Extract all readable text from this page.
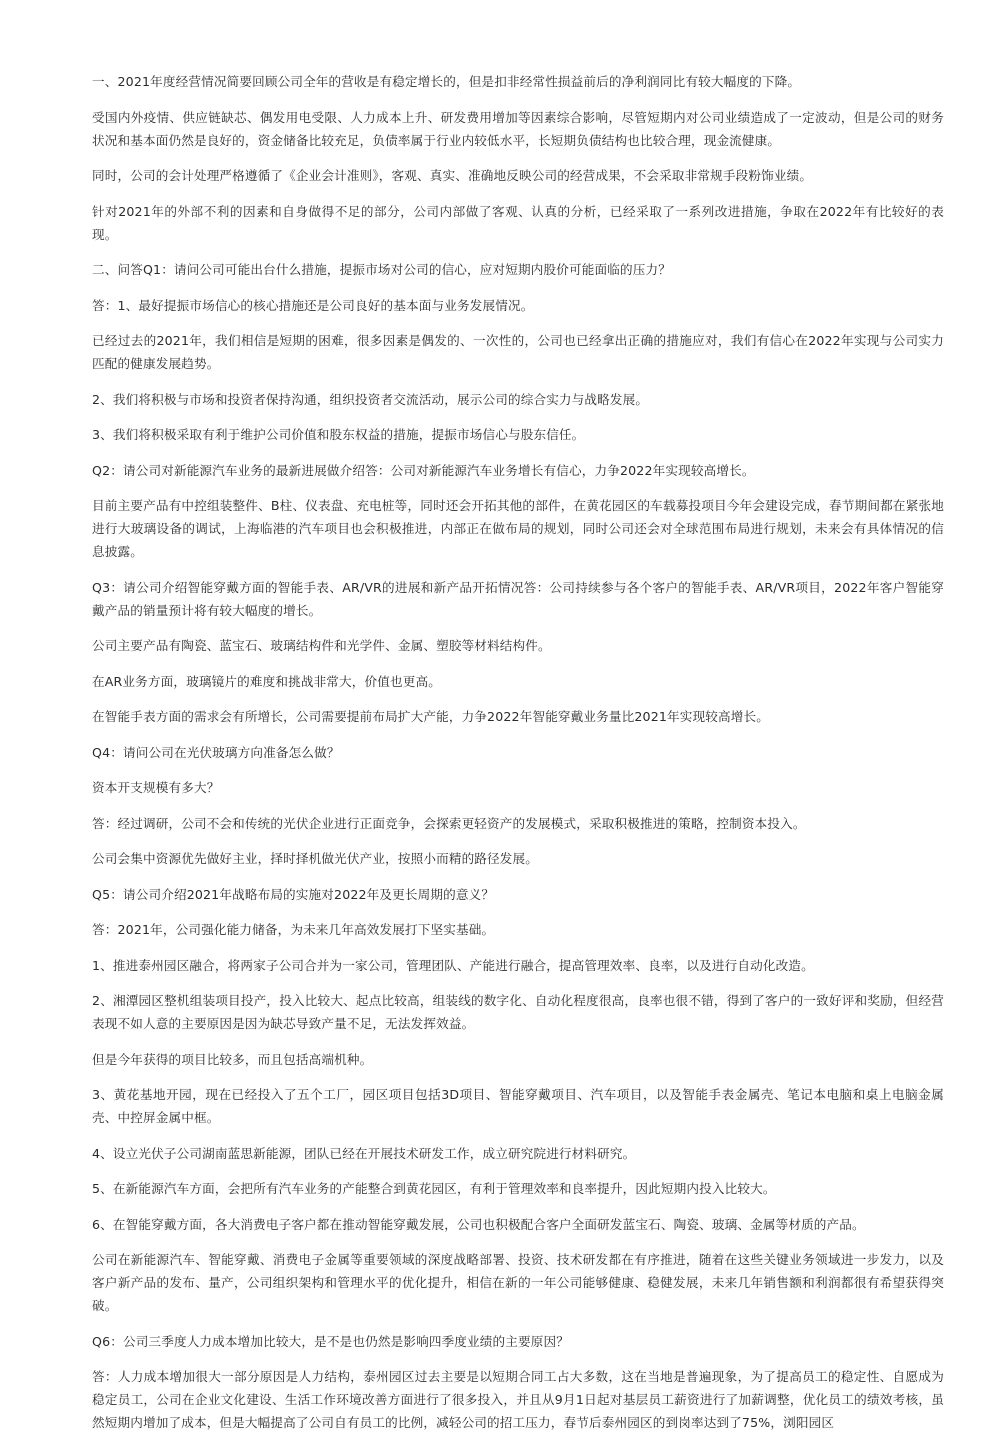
一、2021年度经营情况简要回顾公司全年的营收是有稳定增长的，但是扣非经常性损益前后的净利润同比有较大幅度的下降。

受国内外疫情、供应链缺芯、偶发用电受限、人力成本上升、研发费用增加等因素综合影响，尽管短期内对公司业绩造成了一定波动，但是公司的财务状况和基本面仍然是良好的，资金储备比较充足，负债率属于行业内较低水平，长短期负债结构也比较合理，现金流健康。

同时，公司的会计处理严格遵循了《企业会计准则》，客观、真实、准确地反映公司的经营成果，不会采取非常规手段粉饰业绩。

针对2021年的外部不利的因素和自身做得不足的部分，公司内部做了客观、认真的分析，已经采取了一系列改进措施，争取在2022年有比较好的表现。

二、问答Q1：请问公司可能出台什么措施，提振市场对公司的信心，应对短期内股价可能面临的压力？

答：1、最好提振市场信心的核心措施还是公司良好的基本面与业务发展情况。

已经过去的2021年，我们相信是短期的困难，很多因素是偶发的、一次性的，公司也已经拿出正确的措施应对，我们有信心在2022年实现与公司实力匹配的健康发展趋势。

2、我们将积极与市场和投资者保持沟通，组织投资者交流活动，展示公司的综合实力与战略发展。

3、我们将积极采取有利于维护公司价值和股东权益的措施，提振市场信心与股东信任。

Q2：请公司对新能源汽车业务的最新进展做介绍答：公司对新能源汽车业务增长有信心，力争2022年实现较高增长。

目前主要产品有中控组装整件、B柱、仪表盘、充电桩等，同时还会开拓其他的部件，在黄花园区的车载募投项目今年会建设完成，春节期间都在紧张地进行大玻璃设备的调试，上海临港的汽车项目也会积极推进，内部正在做布局的规划，同时公司还会对全球范围布局进行规划，未来会有具体情况的信息披露。

Q3：请公司介绍智能穿戴方面的智能手表、AR/VR的进展和新产品开拓情况答：公司持续参与各个客户的智能手表、AR/VR项目，2022年客户智能穿戴产品的销量预计将有较大幅度的增长。

公司主要产品有陶瓷、蓝宝石、玻璃结构件和光学件、金属、塑胶等材料结构件。

在AR业务方面，玻璃镜片的难度和挑战非常大，价值也更高。

在智能手表方面的需求会有所增长，公司需要提前布局扩大产能，力争2022年智能穿戴业务量比2021年实现较高增长。

Q4：请问公司在光伏玻璃方向准备怎么做？

资本开支规模有多大？

答：经过调研，公司不会和传统的光伏企业进行正面竞争，会探索更轻资产的发展模式，采取积极推进的策略，控制资本投入。

公司会集中资源优先做好主业，择时择机做光伏产业，按照小而精的路径发展。

Q5：请公司介绍2021年战略布局的实施对2022年及更长周期的意义？

答：2021年，公司强化能力储备，为未来几年高效发展打下坚实基础。

1、推进泰州园区融合，将两家子公司合并为一家公司，管理团队、产能进行融合，提高管理效率、良率，以及进行自动化改造。

2、湘潭园区整机组装项目投产，投入比较大、起点比较高，组装线的数字化、自动化程度很高，良率也很不错，得到了客户的一致好评和奖励，但经营表现不如人意的主要原因是因为缺芯导致产量不足，无法发挥效益。

但是今年获得的项目比较多，而且包括高端机种。

3、黄花基地开园，现在已经投入了五个工厂，园区项目包括3D项目、智能穿戴项目、汽车项目，以及智能手表金属壳、笔记本电脑和桌上电脑金属壳、中控屏金属中框。

4、设立光伏子公司湖南蓝思新能源，团队已经在开展技术研发工作，成立研究院进行材料研究。

5、在新能源汽车方面，会把所有汽车业务的产能整合到黄花园区，有利于管理效率和良率提升，因此短期内投入比较大。

6、在智能穿戴方面，各大消费电子客户都在推动智能穿戴发展，公司也积极配合客户全面研发蓝宝石、陶瓷、玻璃、金属等材质的产品。

公司在新能源汽车、智能穿戴、消费电子金属等重要领域的深度战略部署、投资、技术研发都在有序推进，随着在这些关键业务领域进一步发力，以及客户新产品的发布、量产，公司组织架构和管理水平的优化提升，相信在新的一年公司能够健康、稳健发展，未来几年销售额和利润都很有希望获得突破。

Q6：公司三季度人力成本增加比较大，是不是也仍然是影响四季度业绩的主要原因？

答：人力成本增加很大一部分原因是人力结构，泰州园区过去主要是以短期合同工占大多数，这在当地是普遍现象，为了提高员工的稳定性、自愿成为稳定员工，公司在企业文化建设、生活工作环境改善方面进行了很多投入，并且从9月1日起对基层员工薪资进行了加薪调整，优化员工的绩效考核，虽然短期内增加了成本，但是大幅提高了公司自有员工的比例，减轻公司的招工压力，春节后泰州园区的到岗率达到了75%，浏阳园区
